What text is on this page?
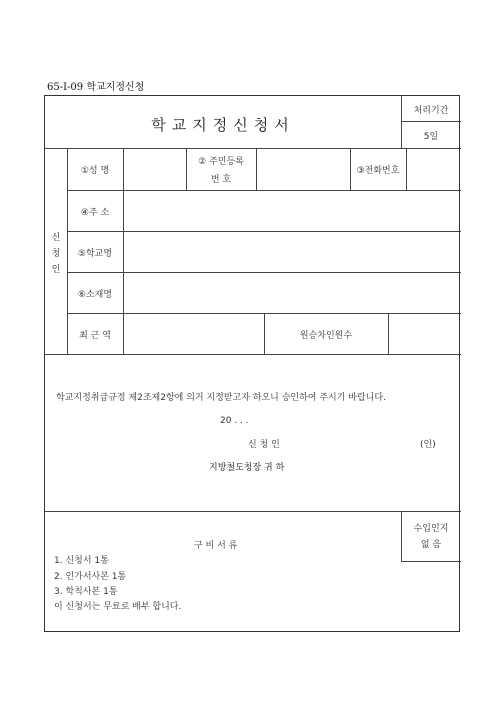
65-Ⅰ-09 학교지정신청
학교지정신청서
처리기간
5일
신청인
①성 명
② 주민등록
번 호
③전화번호
④주 소
⑤학교명
⑥소재명
최 근 역	원승차인원수
학교지정취급규정 제2조제2항에 의거 지정받고자 하오니 승인하여 주시기 바랍니다.
20 . . .
신 청 인	(인)
지방철도청장 귀 하
수입인지
없 음
구 비 서 류
1. 신청서 1통
2. 인가서사본 1통
3. 학칙사본 1통
이 신청서는 무료로 배부 합니다.
